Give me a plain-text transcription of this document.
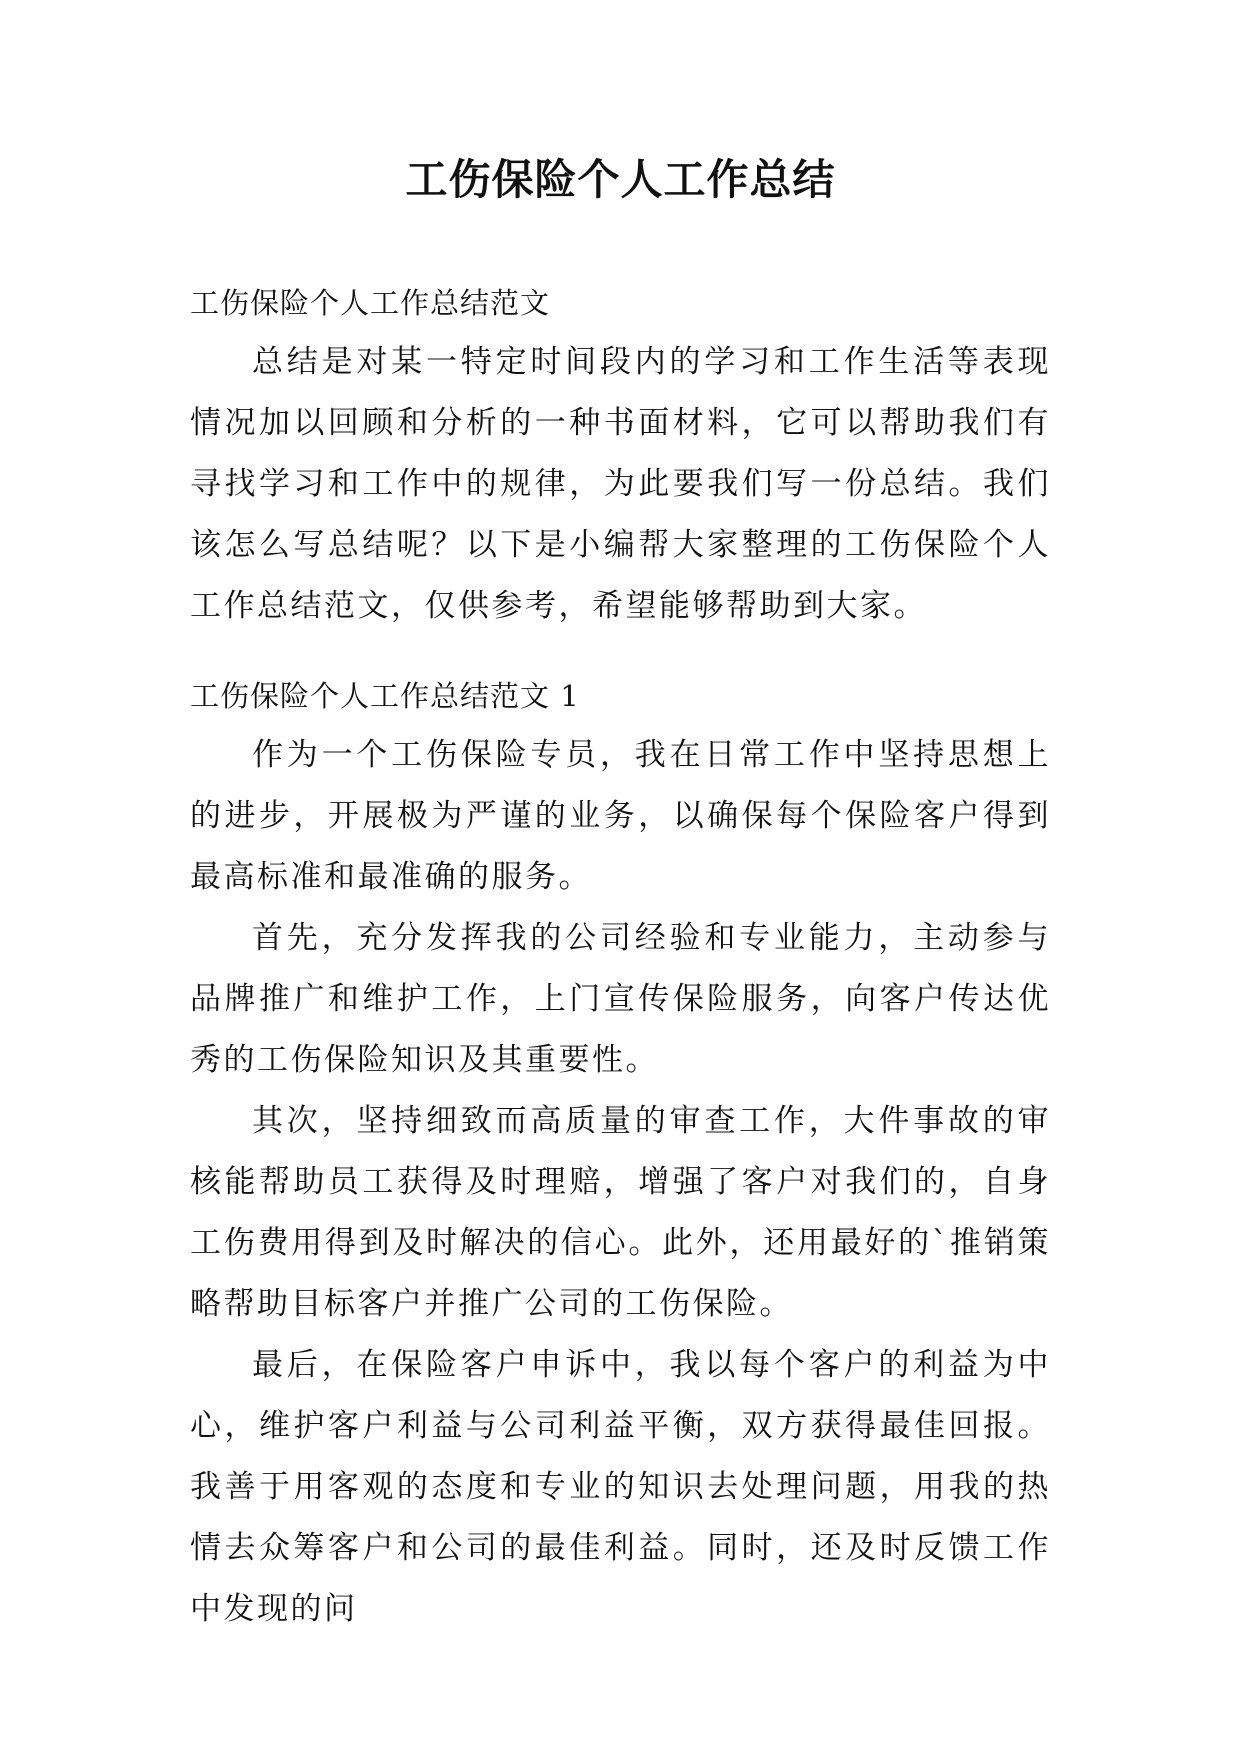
工伤保险个人工作总结

工伤保险个人工作总结范文

总结是对某一特定时间段内的学习和工作生活等表现情况加以回顾和分析的一种书面材料，它可以帮助我们有寻找学习和工作中的规律，为此要我们写一份总结。我们该怎么写总结呢？以下是小编帮大家整理的工伤保险个人工作总结范文，仅供参考，希望能够帮助到大家。

工伤保险个人工作总结范文 1

作为一个工伤保险专员，我在日常工作中坚持思想上的进步，开展极为严谨的业务，以确保每个保险客户得到最高标准和最准确的服务。

首先，充分发挥我的公司经验和专业能力，主动参与品牌推广和维护工作，上门宣传保险服务，向客户传达优秀的工伤保险知识及其重要性。

其次，坚持细致而高质量的审查工作，大件事故的审核能帮助员工获得及时理赔，增强了客户对我们的，自身工伤费用得到及时解决的信心。此外，还用最好的`推销策略帮助目标客户并推广公司的工伤保险。

最后，在保险客户申诉中，我以每个客户的利益为中心，维护客户利益与公司利益平衡，双方获得最佳回报。我善于用客观的态度和专业的知识去处理问题，用我的热情去众筹客户和公司的最佳利益。同时，还及时反馈工作中发现的问
